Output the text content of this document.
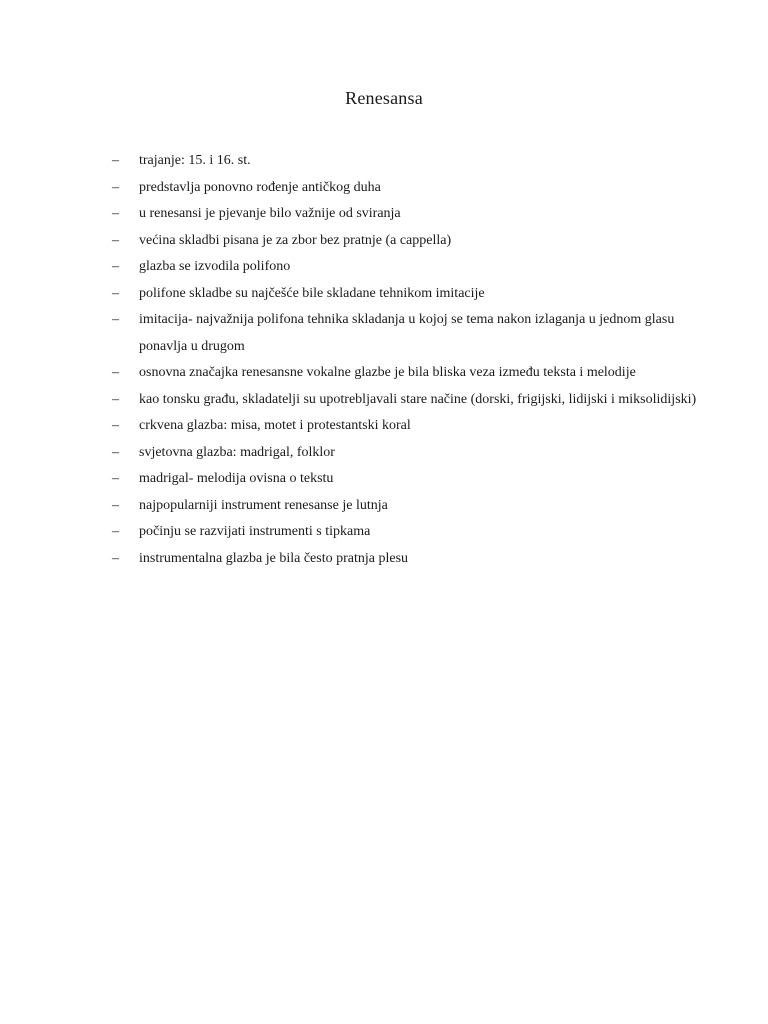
Renesansa
–	trajanje: 15. i 16. st.
–	predstavlja ponovno rođenje antičkog duha
–	u renesansi je pjevanje bilo važnije od sviranja
–	većina skladbi pisana je za zbor bez pratnje (a cappella)
–	glazba se izvodila polifono
–	polifone skladbe su najčešće bile skladane tehnikom imitacije
–	imitacija- najvažnija polifona tehnika skladanja u kojoj se tema nakon izlaganja u jednom glasu ponavlja u drugom
–	osnovna značajka renesansne vokalne glazbe je bila bliska veza između teksta i melodije
–	kao tonsku građu, skladatelji su upotrebljavali stare načine (dorski, frigijski, lidijski i miksolidijski)
–	crkvena glazba: misa, motet i protestantski koral
–	svjetovna glazba: madrigal, folklor
–	madrigal- melodija ovisna o tekstu
–	najpopularniji instrument renesanse je lutnja
–	počinju se razvijati instrumenti s tipkama
–	instrumentalna glazba je bila često pratnja plesu
